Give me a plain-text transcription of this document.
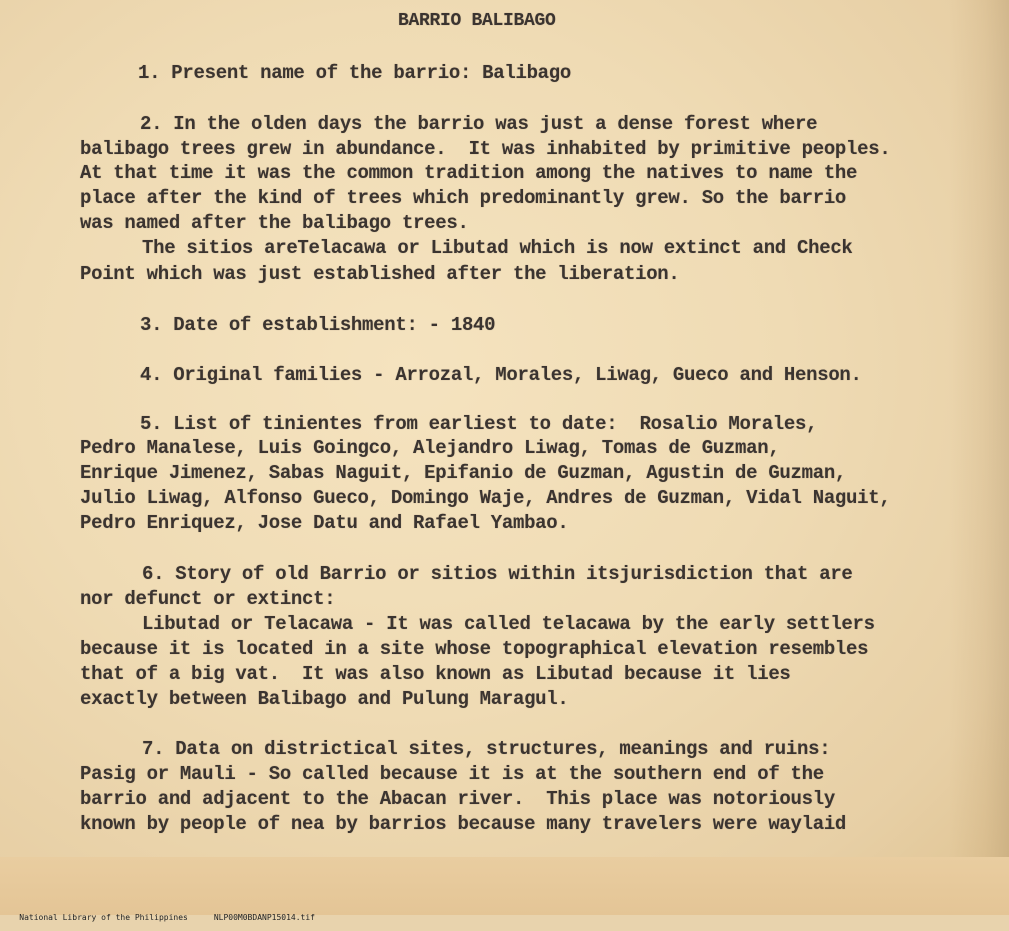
BARRIO BALIBAGO

1. Present name of the barrio: Balibago

2. In the olden days the barrio was just a dense forest where

balibago trees grew in abundance.  It was inhabited by primitive peoples.

At that time it was the common tradition among the natives to name the

place after the kind of trees which predominantly grew. So the barrio

was named after the balibago trees.

The sitios areTelacawa or Libutad which is now extinct and Check

Point which was just established after the liberation.

3. Date of establishment: - 1840

4. Original families - Arrozal, Morales, Liwag, Gueco and Henson.

5. List of tinientes from earliest to date:  Rosalio Morales,

Pedro Manalese, Luis Goingco, Alejandro Liwag, Tomas de Guzman,

Enrique Jimenez, Sabas Naguit, Epifanio de Guzman, Agustin de Guzman,

Julio Liwag, Alfonso Gueco, Domingo Waje, Andres de Guzman, Vidal Naguit,

Pedro Enriquez, Jose Datu and Rafael Yambao.

6. Story of old Barrio or sitios within itsjurisdiction that are

nor defunct or extinct:

Libutad or Telacawa - It was called telacawa by the early settlers

because it is located in a site whose topographical elevation resembles

that of a big vat.  It was also known as Libutad because it lies

exactly between Balibago and Pulung Maragul.

7. Data on districtical sites, structures, meanings and ruins:

Pasig or Mauli - So called because it is at the southern end of the

barrio and adjacent to the Abacan river.  This place was notoriously

known by people of nea by barrios because many travelers were waylaid

National Library of the Philippines	NLP00M0BDANP15014.tif
